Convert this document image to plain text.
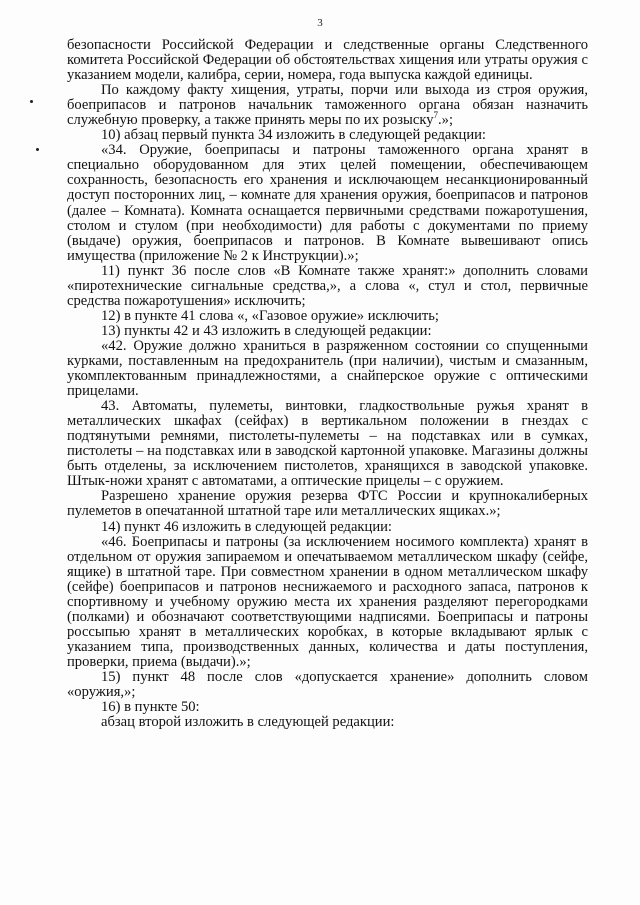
3

безопасности Российской Федерации и следственные органы Следственного комитета Российской Федерации об обстоятельствах хищения или утраты оружия с указанием модели, калибра, серии, номера, года выпуска каждой единицы.

По каждому факту хищения, утраты, порчи или выхода из строя оружия, боеприпасов и патронов начальник таможенного органа обязан назначить служебную проверку, а также принять меры по их розыску$^7$.»;

10) абзац первый пункта 34 изложить в следующей редакции:

«34. Оружие, боеприпасы и патроны таможенного органа хранят в специально оборудованном для этих целей помещении, обеспечивающем сохранность, безопасность его хранения и исключающем несанкционированный доступ посторонних лиц, – комнате для хранения оружия, боеприпасов и патронов (далее – Комната). Комната оснащается первичными средствами пожаротушения, столом и стулом (при необходимости) для работы с документами по приему (выдаче) оружия, боеприпасов и патронов. В Комнате вывешивают опись имущества (приложение № 2 к Инструкции).»;

11) пункт 36 после слов «В Комнате также хранят:» дополнить словами «пиротехнические сигнальные средства,», а слова «, стул и стол, первичные средства пожаротушения» исключить;

12) в пункте 41 слова «, «Газовое оружие» исключить;

13) пункты 42 и 43 изложить в следующей редакции:

«42. Оружие должно храниться в разряженном состоянии со спущенными курками, поставленным на предохранитель (при наличии), чистым и смазанным, укомплектованным принадлежностями, а снайперское оружие с оптическими прицелами.

43. Автоматы, пулеметы, винтовки, гладкоствольные ружья хранят в металлических шкафах (сейфах) в вертикальном положении в гнездах с подтянутыми ремнями, пистолеты-пулеметы – на подставках или в сумках, пистолеты – на подставках или в заводской картонной упаковке. Магазины должны быть отделены, за исключением пистолетов, хранящихся в заводской упаковке. Штык-ножи хранят с автоматами, а оптические прицелы – с оружием.

Разрешено хранение оружия резерва ФТС России и крупнокалиберных пулеметов в опечатанной штатной таре или металлических ящиках.»;

14) пункт 46 изложить в следующей редакции:

«46. Боеприпасы и патроны (за исключением носимого комплекта) хранят в отдельном от оружия запираемом и опечатываемом металлическом шкафу (сейфе, ящике) в штатной таре. При совместном хранении в одном металлическом шкафу (сейфе) боеприпасов и патронов неснижаемого и расходного запаса, патронов к спортивному и учебному оружию места их хранения разделяют перегородками (полками) и обозначают соответствующими надписями. Боеприпасы и патроны россыпью хранят в металлических коробках, в которые вкладывают ярлык с указанием типа, производственных данных, количества и даты поступления, проверки, приема (выдачи).»;

15) пункт 48 после слов «допускается хранение» дополнить словом «оружия,»;

16) в пункте 50:

абзац второй изложить в следующей редакции:
